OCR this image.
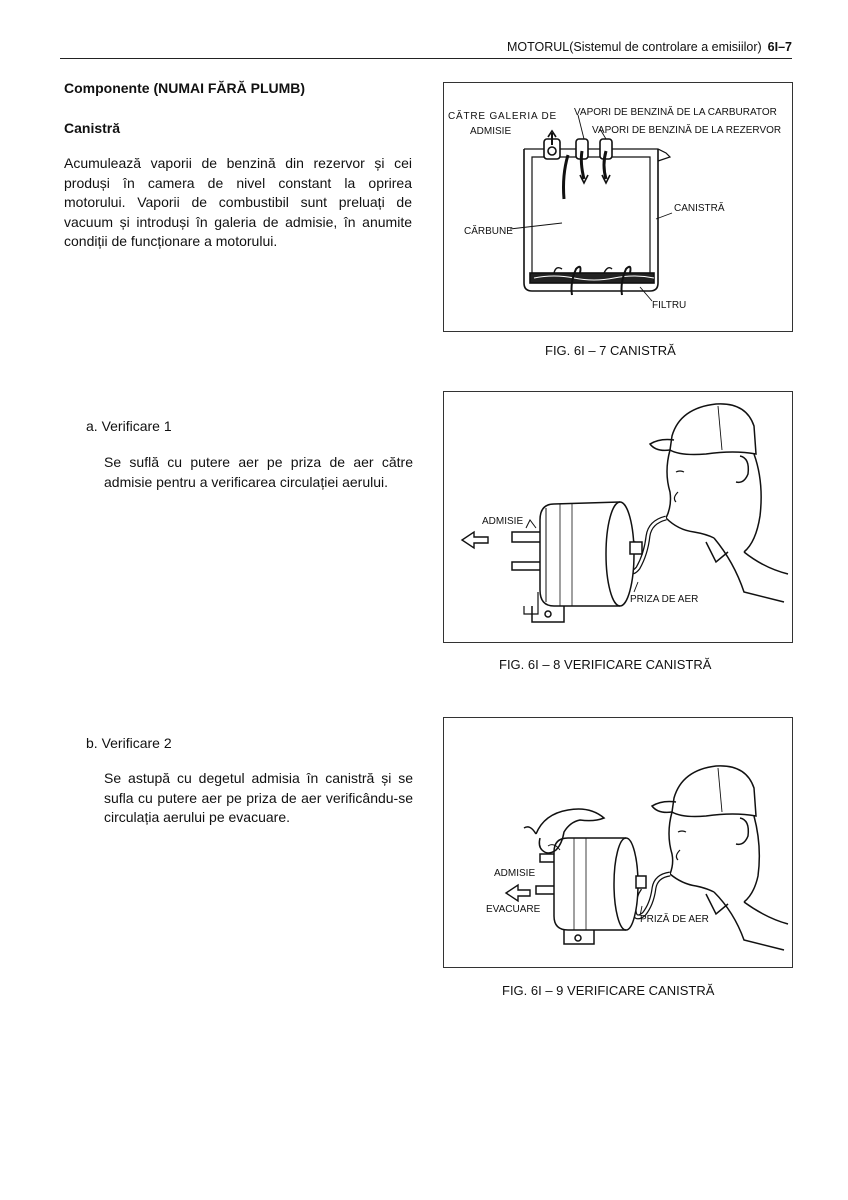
MOTORUL(Sistemul de controlare a emisiilor) 6I–7
Componente (NUMAI FĂRĂ PLUMB)
Canistră
Acumulează vaporii de benzină din rezervor și cei produși în camera de nivel constant la oprirea motorului. Vaporii de combustibil sunt preluați de vacuum și introduși în galeria de admisie, în anumite condiții de funcționare a motorului.
a. Verificare 1
Se suflă cu putere aer pe priza de aer către admisie pentru a verificarea circulației aerului.
b. Verificare 2
Se astupă cu degetul admisia în canistră și se sufla cu putere aer pe priza de aer verificându-se circulația aerului pe evacuare.
CĂTRE GALERIA DE
ADMISIE
VAPORI DE BENZINĂ DE LA CARBURATOR
VAPORI DE BENZINĂ DE LA REZERVOR
CANISTRĂ
CĂRBUNE
FILTRU
FIG. 6I – 7 CANISTRĂ
ADMISIE
PRIZA DE AER
FIG. 6I – 8 VERIFICARE CANISTRĂ
ADMISIE
EVACUARE
PRIZĂ DE AER
FIG. 6I – 9 VERIFICARE CANISTRĂ
